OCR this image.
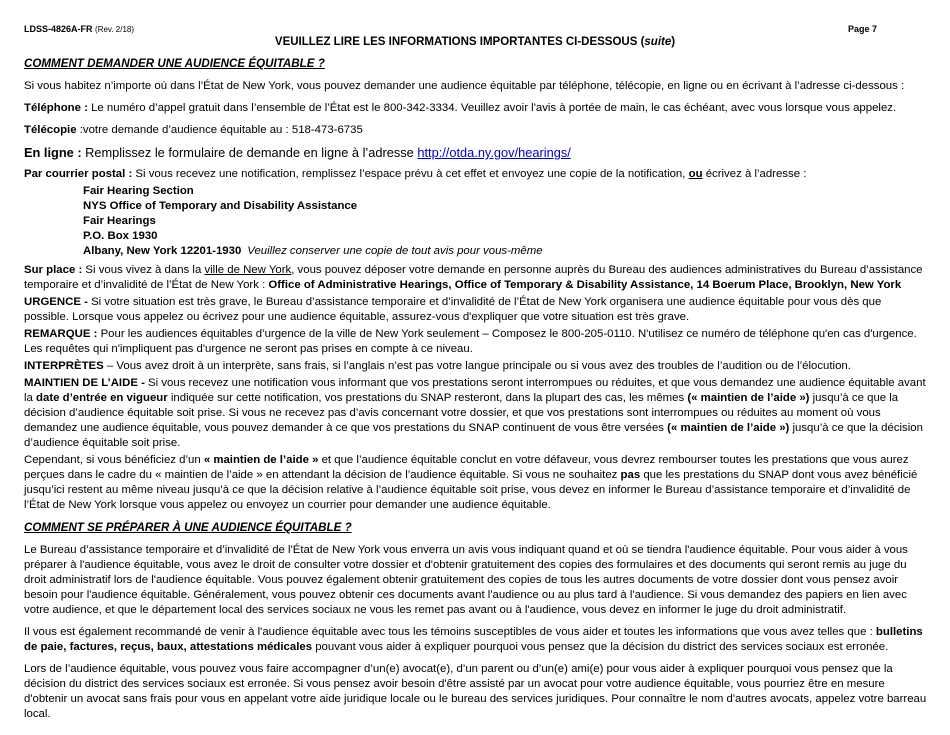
LDSS-4826A-FR (Rev. 2/18)	Page 7
VEUILLEZ LIRE LES INFORMATIONS IMPORTANTES CI-DESSOUS (suite)
COMMENT DEMANDER UNE AUDIENCE ÉQUITABLE ?

Si vous habitez n’importe où dans l’État de New York, vous pouvez demander une audience équitable par téléphone, télécopie, en ligne ou en écrivant à l’adresse ci-dessous :

Téléphone : Le numéro d’appel gratuit dans l’ensemble de l’État est le 800-342-3334. Veuillez avoir l'avis à portée de main, le cas échéant, avec vous lorsque vous appelez.

Télécopie :votre demande d’audience équitable au : 518-473-6735

En ligne : Remplissez le formulaire de demande en ligne à l’adresse http://otda.ny.gov/hearings/

Par courrier postal : Si vous recevez une notification, remplissez l’espace prévu à cet effet et envoyez une copie de la notification, ou écrivez à l’adresse :

Fair Hearing Section
NYS Office of Temporary and Disability Assistance
Fair Hearings
P.O. Box 1930
Albany, New York 12201-1930 Veuillez conserver une copie de tout avis pour vous-même

Sur place : Si vous vivez à dans la ville de New York, vous pouvez déposer votre demande en personne auprès du Bureau des audiences administratives du Bureau d’assistance temporaire et d’invalidité de l’État de New York : Office of Administrative Hearings, Office of Temporary & Disability Assistance, 14 Boerum Place, Brooklyn, New York

URGENCE - Si votre situation est très grave, le Bureau d’assistance temporaire et d’invalidité de l’État de New York organisera une audience équitable pour vous dès que possible. Lorsque vous appelez ou écrivez pour une audience équitable, assurez-vous d'expliquer que votre situation est très grave.

REMARQUE : Pour les audiences équitables d’urgence de la ville de New York seulement – Composez le 800-205-0110. N'utilisez ce numéro de téléphone qu'en cas d'urgence. Les requêtes qui n'impliquent pas d'urgence ne seront pas prises en compte à ce niveau.

INTERPRÈTES – Vous avez droit à un interprète, sans frais, si l’anglais n’est pas votre langue principale ou si vous avez des troubles de l’audition ou de l’élocution.

MAINTIEN DE L’AIDE - Si vous recevez une notification vous informant que vos prestations seront interrompues ou réduites, et que vous demandez une audience équitable avant la date d’entrée en vigueur indiquée sur cette notification, vos prestations du SNAP resteront, dans la plupart des cas, les mêmes (« maintien de l’aide ») jusqu’à ce que la décision d’audience équitable soit prise. Si vous ne recevez pas d’avis concernant votre dossier, et que vos prestations sont interrompues ou réduites au moment où vous demandez une audience équitable, vous pouvez demander à ce que vos prestations du SNAP continuent de vous être versées (« maintien de l’aide ») jusqu’à ce que la décision d’audience équitable soit prise.

Cependant, si vous bénéficiez d’un « maintien de l’aide » et que l’audience équitable conclut en votre défaveur, vous devrez rembourser toutes les prestations que vous aurez perçues dans le cadre du « maintien de l’aide » en attendant la décision de l’audience équitable. Si vous ne souhaitez pas que les prestations du SNAP dont vous avez bénéficié jusqu’ici restent au même niveau jusqu’à ce que la décision relative à l’audience équitable soit prise, vous devez en informer le Bureau d’assistance temporaire et d’invalidité de l’État de New York lorsque vous appelez ou envoyez un courrier pour demander une audience équitable.

COMMENT SE PRÉPARER À UNE AUDIENCE ÉQUITABLE ?

Le Bureau d’assistance temporaire et d’invalidité de l'État de New York vous enverra un avis vous indiquant quand et où se tiendra l'audience équitable. Pour vous aider à vous préparer à l'audience équitable, vous avez le droit de consulter votre dossier et d'obtenir gratuitement des copies des formulaires et des documents qui seront remis au juge du droit administratif lors de l'audience équitable. Vous pouvez également obtenir gratuitement des copies de tous les autres documents de votre dossier dont vous pensez avoir besoin pour l'audience équitable. Généralement, vous pouvez obtenir ces documents avant l'audience ou au plus tard à l'audience. Si vous demandez des papiers en lien avec votre audience, et que le département local des services sociaux ne vous les remet pas avant ou à l'audience, vous devez en informer le juge du droit administratif.

Il vous est également recommandé de venir à l'audience équitable avec tous les témoins susceptibles de vous aider et toutes les informations que vous avez telles que : bulletins de paie, factures, reçus, baux, attestations médicales pouvant vous aider à expliquer pourquoi vous pensez que la décision du district des services sociaux est erronée.

Lors de l’audience équitable, vous pouvez vous faire accompagner d’un(e) avocat(e), d’un parent ou d’un(e) ami(e) pour vous aider à expliquer pourquoi vous pensez que la décision du district des services sociaux est erronée. Si vous pensez avoir besoin d'être assisté par un avocat pour votre audience équitable, vous pourriez être en mesure d'obtenir un avocat sans frais pour vous en appelant votre aide juridique locale ou le bureau des services juridiques. Pour connaître le nom d'autres avocats, appelez votre barreau local.
